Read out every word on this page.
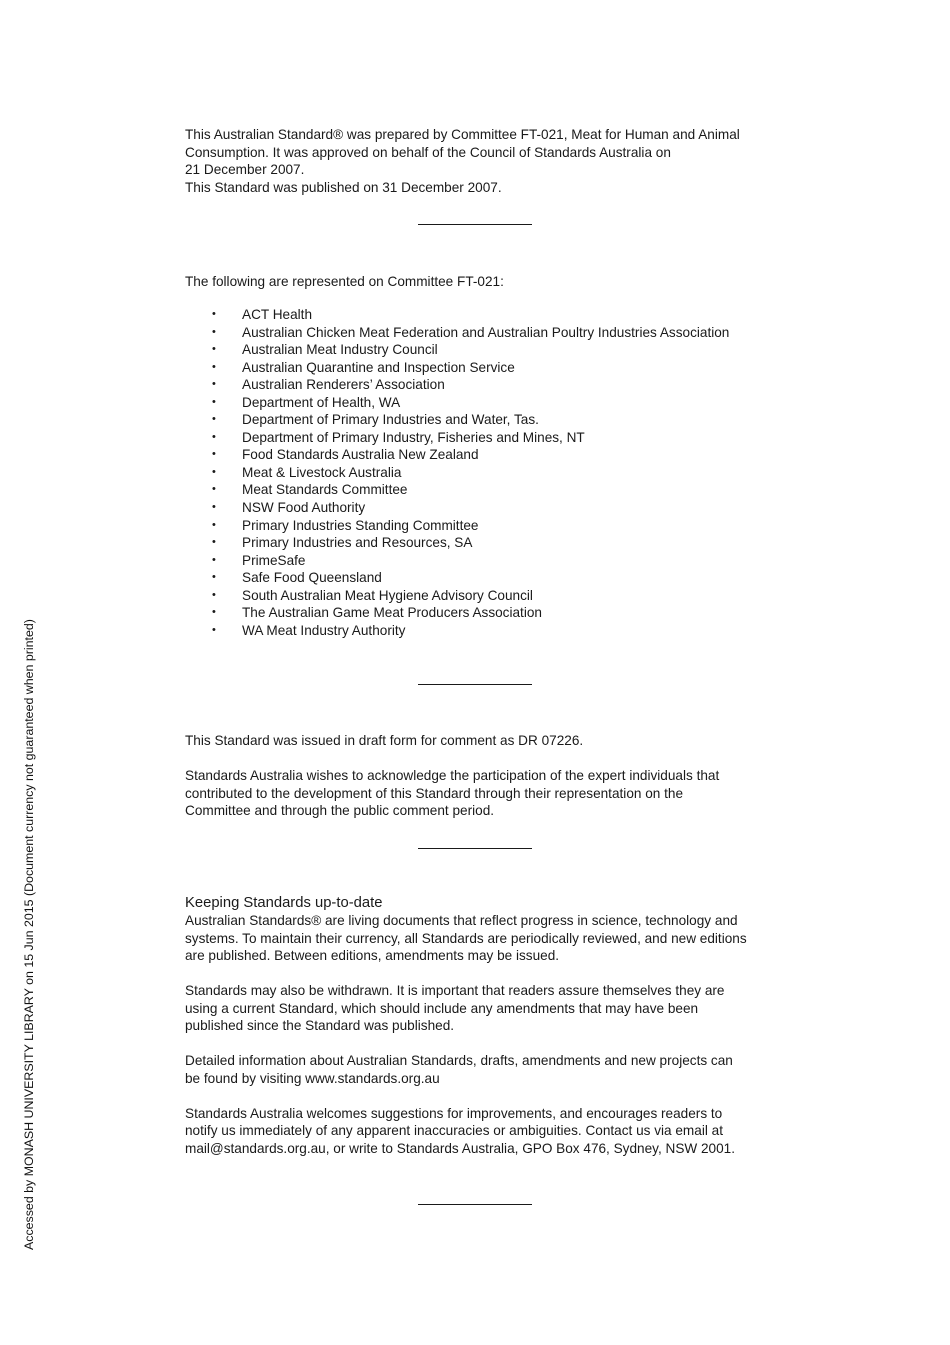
Accessed by MONASH UNIVERSITY LIBRARY on 15 Jun 2015 (Document currency not guaranteed when printed)

This Australian Standard® was prepared by Committee FT-021, Meat for Human and Animal

Consumption. It was approved on behalf of the Council of Standards Australia on

21 December 2007.

This Standard was published on 31 December 2007.

The following are represented on Committee FT-021:

• ACT Health
• Australian Chicken Meat Federation and Australian Poultry Industries Association
• Australian Meat Industry Council
• Australian Quarantine and Inspection Service
• Australian Renderers’ Association
• Department of Health, WA
• Department of Primary Industries and Water, Tas.
• Department of Primary Industry, Fisheries and Mines, NT
• Food Standards Australia New Zealand
• Meat & Livestock Australia
• Meat Standards Committee
• NSW Food Authority
• Primary Industries Standing Committee
• Primary Industries and Resources, SA
• PrimeSafe
• Safe Food Queensland
• South Australian Meat Hygiene Advisory Council
• The Australian Game Meat Producers Association
• WA Meat Industry Authority

This Standard was issued in draft form for comment as DR 07226.

Standards Australia wishes to acknowledge the participation of the expert individuals that

contributed to the development of this Standard through their representation on the

Committee and through the public comment period.

Keeping Standards up-to-date

Australian Standards® are living documents that reflect progress in science, technology and

systems. To maintain their currency, all Standards are periodically reviewed, and new editions

are published. Between editions, amendments may be issued.

Standards may also be withdrawn. It is important that readers assure themselves they are

using a current Standard, which should include any amendments that may have been

published since the Standard was published.

Detailed information about Australian Standards, drafts, amendments and new projects can

be found by visiting www.standards.org.au

Standards Australia welcomes suggestions for improvements, and encourages readers to

notify us immediately of any apparent inaccuracies or ambiguities. Contact us via email at

mail@standards.org.au, or write to Standards Australia, GPO Box 476, Sydney, NSW 2001.
